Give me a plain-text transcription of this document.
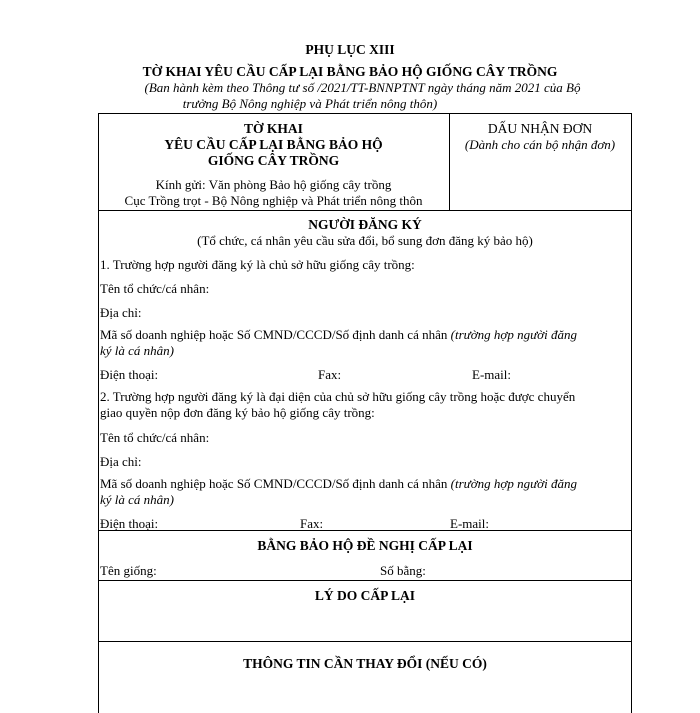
PHỤ LỤC XIII
TỜ KHAI YÊU CẦU CẤP LẠI BẰNG BẢO HỘ GIỐNG CÂY TRỒNG
(Ban hành kèm theo Thông tư số /2021/TT-BNNPTNT ngày tháng năm 2021 của Bộ
trưởng Bộ Nông nghiệp và Phát triển nông thôn)
TỜ KHAI
YÊU CẦU CẤP LẠI BẰNG BẢO HỘ
GIỐNG CÂY TRỒNG
Kính gửi: Văn phòng Bảo hộ giống cây trồng
Cục Trồng trọt - Bộ Nông nghiệp và Phát triển nông thôn
DẤU NHẬN ĐƠN
(Dành cho cán bộ nhận đơn)
NGƯỜI ĐĂNG KÝ
(Tổ chức, cá nhân yêu cầu sửa đổi, bổ sung đơn đăng ký bảo hộ)
1. Trường hợp người đăng ký là chủ sở hữu giống cây trồng:
Tên tổ chức/cá nhân:
Địa chỉ:
Mã số doanh nghiệp hoặc Số CMND/CCCD/Số định danh cá nhân (trường hợp người đăng
ký là cá nhân)
Điện thoại:	Fax:	E-mail:
2. Trường hợp người đăng ký là đại diện của chủ sở hữu giống cây trồng hoặc được chuyển
giao quyền nộp đơn đăng ký bảo hộ giống cây trồng:
Tên tổ chức/cá nhân:
Địa chỉ:
Mã số doanh nghiệp hoặc Số CMND/CCCD/Số định danh cá nhân (trường hợp người đăng
ký là cá nhân)
Điện thoại:	Fax:	E-mail:
BẰNG BẢO HỘ ĐỀ NGHỊ CẤP LẠI
Tên giống:	Số bằng:
LÝ DO CẤP LẠI
THÔNG TIN CẦN THAY ĐỔI (NẾU CÓ)
